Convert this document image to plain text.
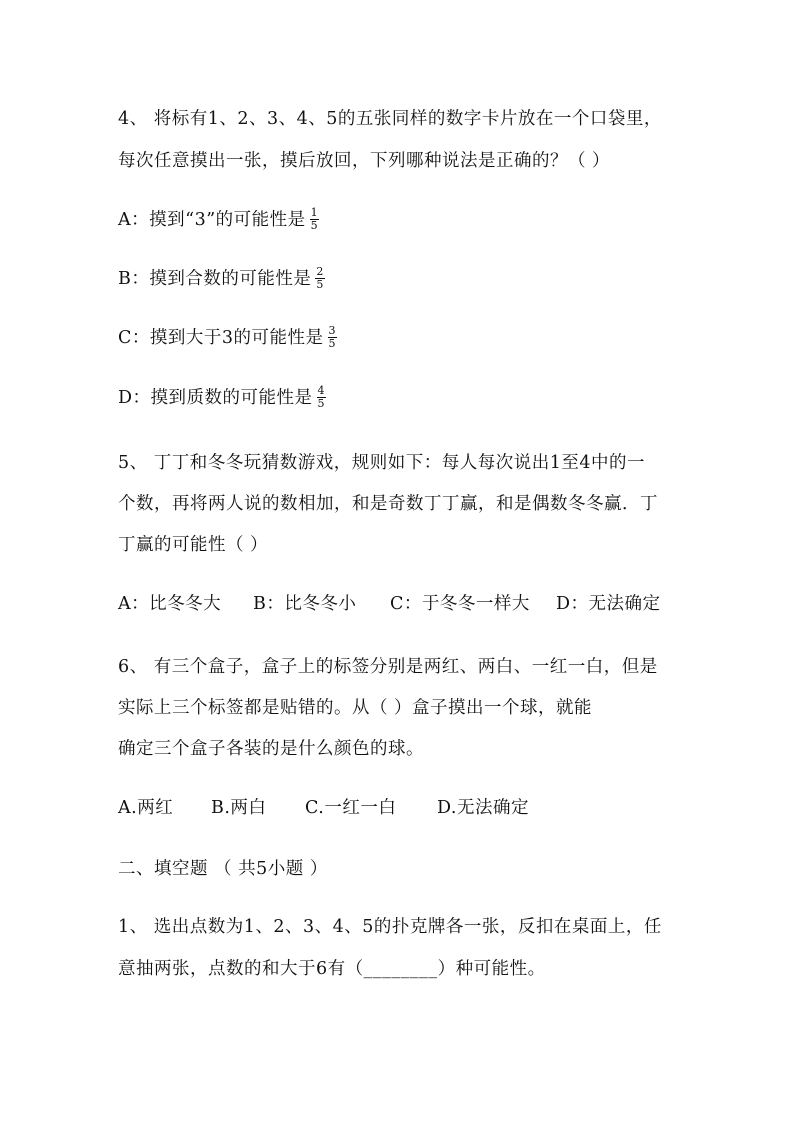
4、 将标有1、2、3、4、5的五张同样的数字卡片放在一个口袋里，
每次任意摸出一张，摸后放回，下列哪种说法是正确的？（ ）
A：摸到“3”的可能性是 $\frac{1}{5}$
B：摸到合数的可能性是 $\frac{2}{5}$
C：摸到大于3的可能性是 $\frac{3}{5}$
D：摸到质数的可能性是 $\frac{4}{5}$
5、 丁丁和冬冬玩猜数游戏，规则如下：每人每次说出1至4中的一
个数，再将两人说的数相加，和是奇数丁丁赢，和是偶数冬冬赢．丁
丁赢的可能性（ ）
A：比冬冬大 B：比冬冬小 C：于冬冬一样大 D：无法确定
6、 有三个盒子，盒子上的标签分别是两红、两白、一红一白，但是
实际上三个标签都是贴错的。从（ ）盒子摸出一个球，就能
确定三个盒子各装的是什么颜色的球。
A.两红 B.两白 C.一红一白 D.无法确定
二、填空题 （ 共5小题 ）
1、 选出点数为1、2、3、4、5的扑克牌各一张，反扣在桌面上，任
意抽两张，点数的和大于6有（________）种可能性。
